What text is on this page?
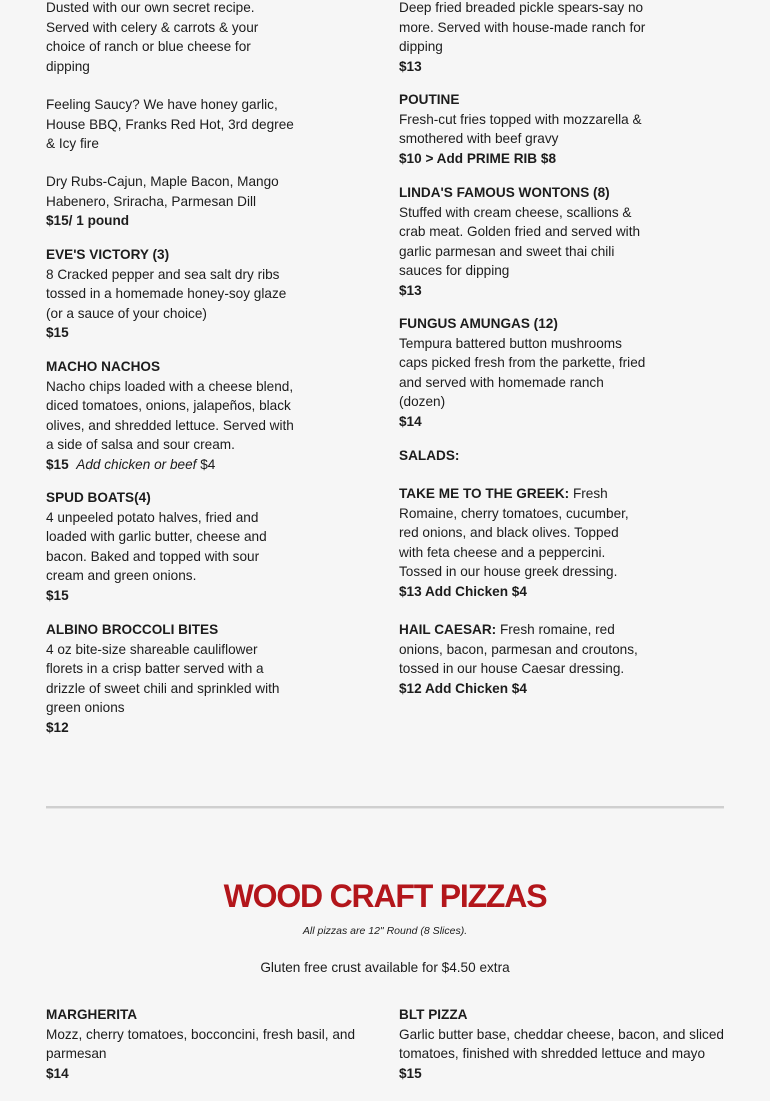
Dusted with our own secret recipe.
Served with celery & carrots & your
choice of ranch or blue cheese for
dipping
Feeling Saucy? We have honey garlic,
House BBQ, Franks Red Hot, 3rd degree
& Icy fire
Dry Rubs-Cajun, Maple Bacon, Mango
Habenero, Sriracha, Parmesan Dill
$15/ 1 pound
EVE'S VICTORY (3)
8 Cracked pepper and sea salt dry ribs
tossed in a homemade honey-soy glaze
(or a sauce of your choice)
$15
MACHO NACHOS
Nacho chips loaded with a cheese blend,
diced tomatoes, onions, jalapeños, black
olives, and shredded lettuce. Served with
a side of salsa and sour cream.
$15 Add chicken or beef $4
SPUD BOATS(4)
4 unpeeled potato halves, fried and
loaded with garlic butter, cheese and
bacon. Baked and topped with sour
cream and green onions.
$15
ALBINO BROCCOLI BITES
4 oz bite-size shareable cauliflower
florets in a crisp batter served with a
drizzle of sweet chili and sprinkled with
green onions
$12
Deep fried breaded pickle spears-say no
more. Served with house-made ranch for
dipping
$13
POUTINE
Fresh-cut fries topped with mozzarella &
smothered with beef gravy
$10 > Add PRIME RIB $8
LINDA'S FAMOUS WONTONS (8)
Stuffed with cream cheese, scallions &
crab meat. Golden fried and served with
garlic parmesan and sweet thai chili
sauces for dipping
$13
FUNGUS AMUNGAS (12)
Tempura battered button mushrooms
caps picked fresh from the parkette, fried
and served with homemade ranch
(dozen)
$14
SALADS:
TAKE ME TO THE GREEK: Fresh
Romaine, cherry tomatoes, cucumber,
red onions, and black olives. Topped
with feta cheese and a peppercini.
Tossed in our house greek dressing.
$13 Add Chicken $4
HAIL CAESAR: Fresh romaine, red
onions, bacon, parmesan and croutons,
tossed in our house Caesar dressing.
$12 Add Chicken $4
WOOD CRAFT PIZZAS
All pizzas are 12" Round (8 Slices).
Gluten free crust available for $4.50 extra
MARGHERITA
Mozz, cherry tomatoes, bocconcini, fresh basil, and
parmesan
$14
BLT PIZZA
Garlic butter base, cheddar cheese, bacon, and sliced
tomatoes, finished with shredded lettuce and mayo
$15
